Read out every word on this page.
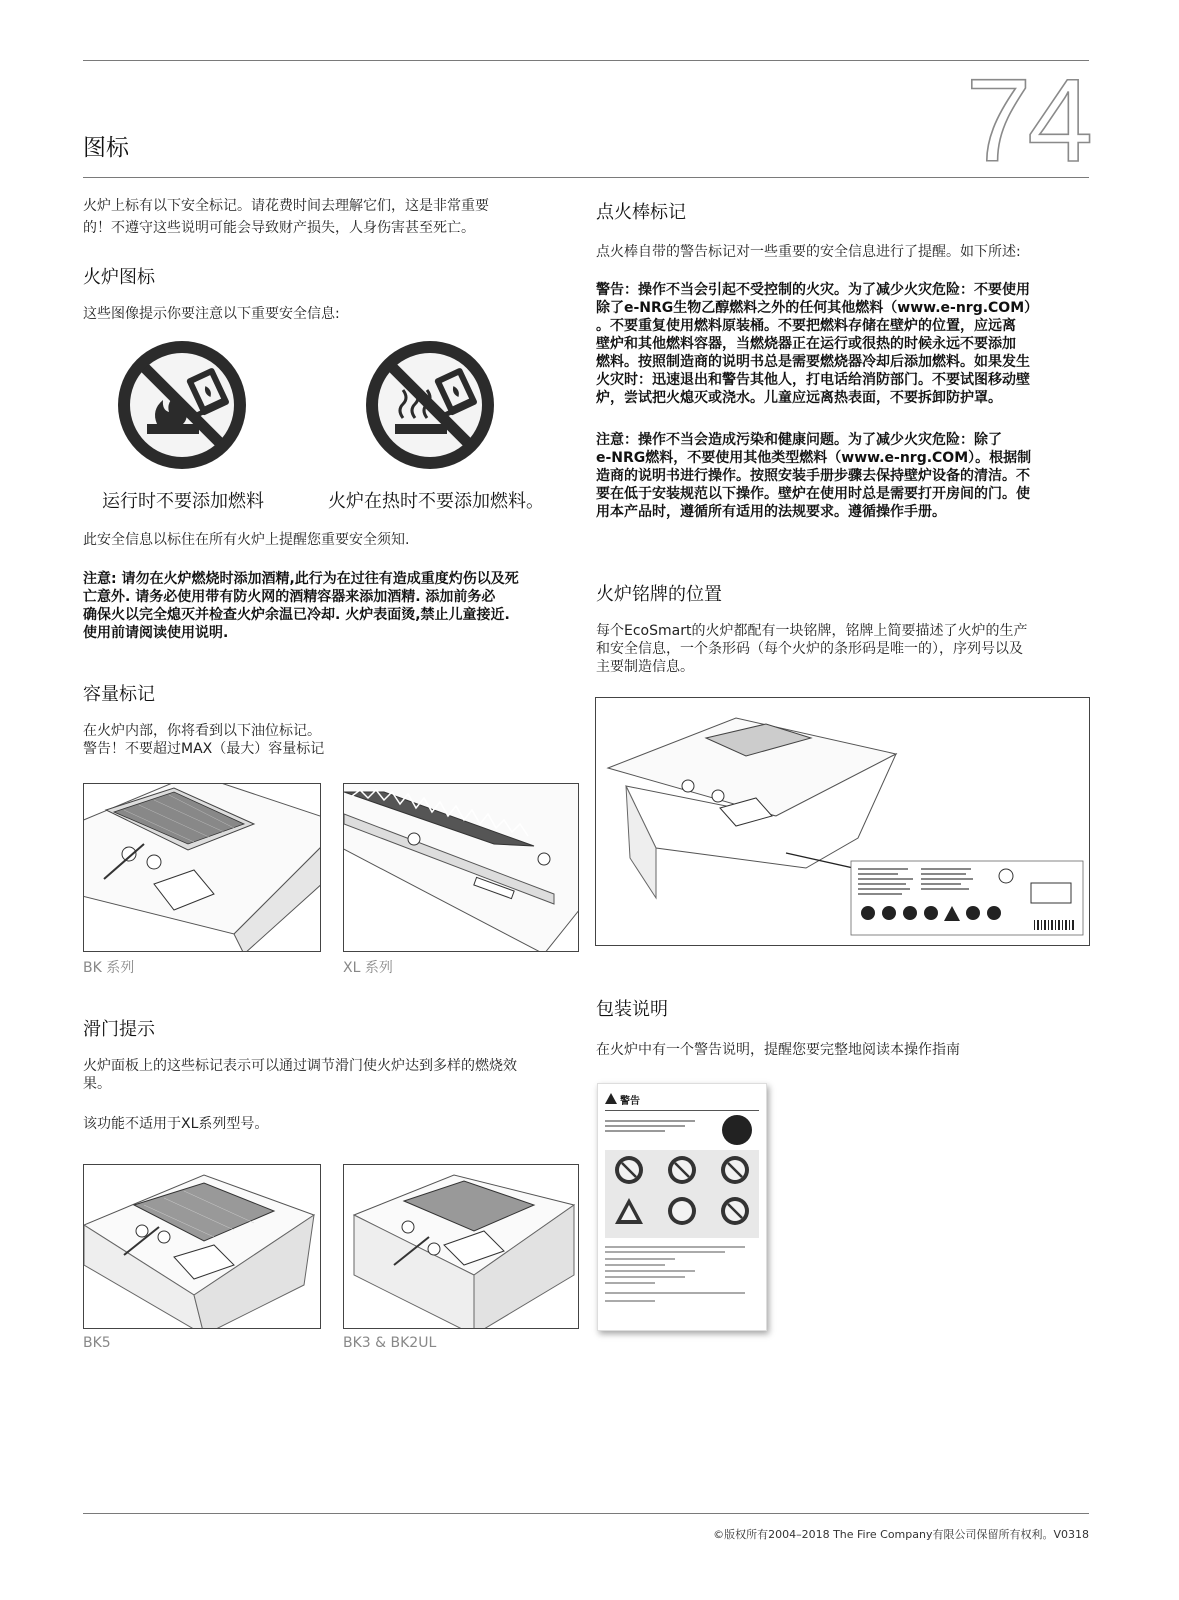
图标	74
火炉上标有以下安全标记。请花费时间去理解它们，这是非常重要
的！不遵守这些说明可能会导致财产损失，人身伤害甚至死亡。
火炉图标
这些图像提示你要注意以下重要安全信息:
运行时不要添加燃料	火炉在热时不要添加燃料。
此安全信息以标住在所有火炉上提醒您重要安全须知.
注意: 请勿在火炉燃烧时添加酒精,此行为在过往有造成重度灼伤以及死
亡意外. 请务必使用带有防火网的酒精容器来添加酒精. 添加前务必
确保火以完全熄灭并检查火炉余温已冷却. 火炉表面烫,禁止儿童接近.
使用前请阅读使用说明.
容量标记
在火炉内部，你将看到以下油位标记。
警告！不要超过MAX（最大）容量标记
BK 系列	XL 系列
滑门提示
火炉面板上的这些标记表示可以通过调节滑门使火炉达到多样的燃烧效
果。
该功能不适用于XL系列型号。
BK5	BK3 & BK2UL
点火棒标记
点火棒自带的警告标记对一些重要的安全信息进行了提醒。如下所述:
警告：操作不当会引起不受控制的火灾。为了减少火灾危险：不要使用
除了e-NRG生物乙醇燃料之外的任何其他燃料（www.e-nrg.COM）
。不要重复使用燃料原装桶。不要把燃料存储在壁炉的位置，应远离
壁炉和其他燃料容器，当燃烧器正在运行或很热的时候永远不要添加
燃料。按照制造商的说明书总是需要燃烧器冷却后添加燃料。如果发生
火灾时：迅速退出和警告其他人，打电话给消防部门。不要试图移动壁
炉，尝试把火熄灭或浇水。儿童应远离热表面，不要拆卸防护罩。
注意：操作不当会造成污染和健康问题。为了减少火灾危险：除了
e-NRG燃料，不要使用其他类型燃料（www.e-nrg.COM）。根据制
造商的说明书进行操作。按照安装手册步骤去保持壁炉设备的清洁。不
要在低于安装规范以下操作。壁炉在使用时总是需要打开房间的门。使
用本产品时，遵循所有适用的法规要求。遵循操作手册。
火炉铭牌的位置
每个EcoSmart的火炉都配有一块铭牌，铭牌上简要描述了火炉的生产
和安全信息，一个条形码（每个火炉的条形码是唯一的），序列号以及
主要制造信息。
包装说明
在火炉中有一个警告说明，提醒您要完整地阅读本操作指南
警告
©版权所有2004–2018 The Fire Company有限公司保留所有权利。V0318
